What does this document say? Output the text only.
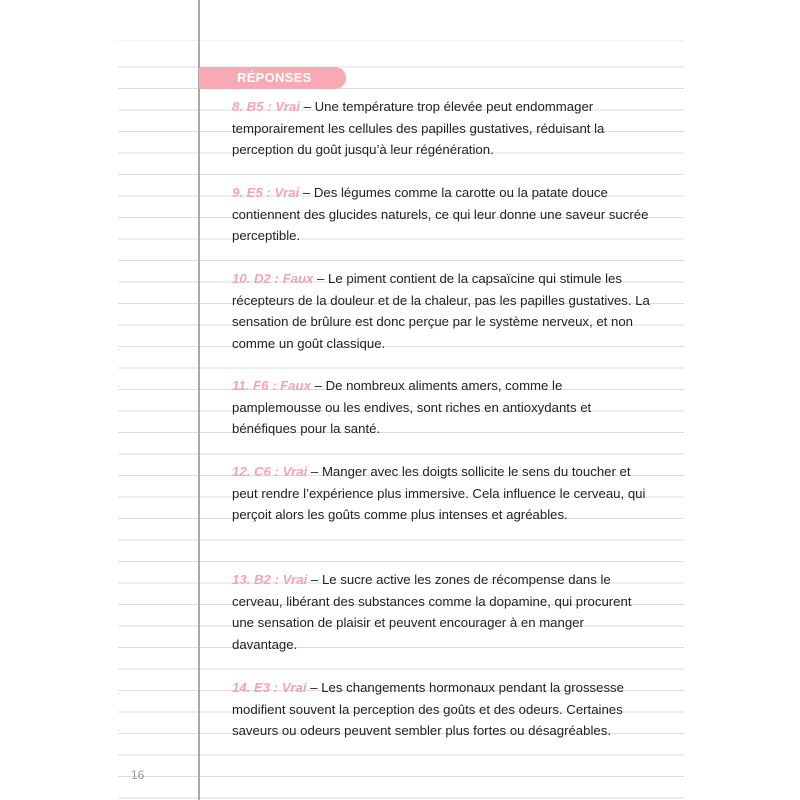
RÉPONSES
8. B5 : Vrai – Une température trop élevée peut endommager temporairement les cellules des papilles gustatives, réduisant la perception du goût jusqu’à leur régénération.
9. E5 : Vrai – Des légumes comme la carotte ou la patate douce contiennent des glucides naturels, ce qui leur donne une saveur sucrée perceptible.
10. D2 : Faux – Le piment contient de la capsaïcine qui stimule les récepteurs de la douleur et de la chaleur, pas les papilles gustatives. La sensation de brûlure est donc perçue par le système nerveux, et non comme un goût classique.
11. F6 : Faux – De nombreux aliments amers, comme le pamplemousse ou les endives, sont riches en antioxydants et bénéfiques pour la santé.
12. C6 : Vrai – Manger avec les doigts sollicite le sens du toucher et peut rendre l’expérience plus immersive. Cela influence le cerveau, qui perçoit alors les goûts comme plus intenses et agréables.
13. B2 : Vrai – Le sucre active les zones de récompense dans le cerveau, libérant des substances comme la dopamine, qui procurent une sensation de plaisir et peuvent encourager à en manger davantage.
14. E3 : Vrai – Les changements hormonaux pendant la grossesse modifient souvent la perception des goûts et des odeurs. Certaines saveurs ou odeurs peuvent sembler plus fortes ou désagréables.
16
